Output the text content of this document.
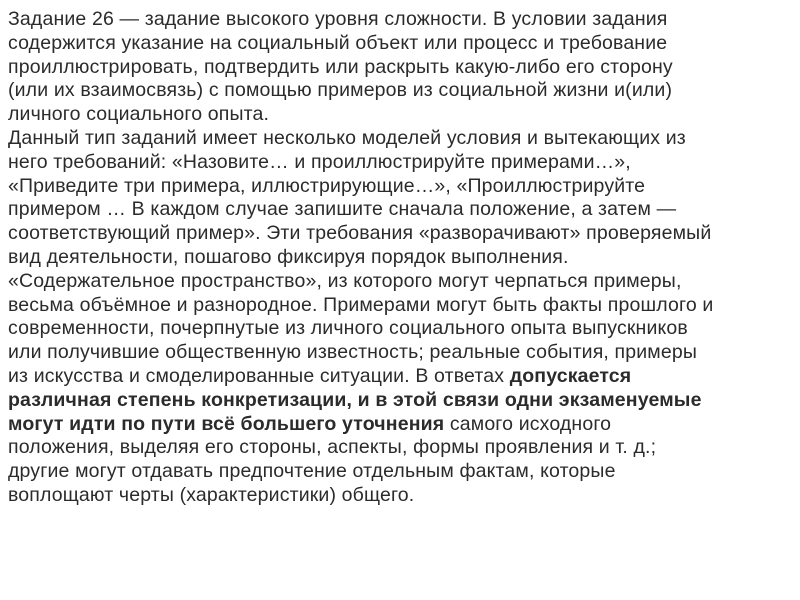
Задание 26 — задание высокого уровня сложности. В условии задания
содержится указание на социальный объект или процесс и требование
проиллюстрировать, подтвердить или раскрыть какую-либо его сторону
(или их взаимосвязь) с помощью примеров из социальной жизни и(или)
личного социального опыта.
Данный тип заданий имеет несколько моделей условия и вытекающих из
него требований: «Назовите… и проиллюстрируйте примерами…»,
«Приведите три примера, иллюстрирующие…», «Проиллюстрируйте
примером … В каждом случае запишите сначала положение, а затем —
соответствующий пример». Эти требования «разворачивают» проверяемый
вид деятельности, пошагово фиксируя порядок выполнения.
«Содержательное пространство», из которого могут черпаться примеры,
весьма объёмное и разнородное. Примерами могут быть факты прошлого и
современности, почерпнутые из личного социального опыта выпускников
или получившие общественную известность; реальные события, примеры
из искусства и смоделированные ситуации. В ответах допускается
различная степень конкретизации, и в этой связи одни экзаменуемые
могут идти по пути всё большего уточнения самого исходного
положения, выделяя его стороны, аспекты, формы проявления и т. д.;
другие могут отдавать предпочтение отдельным фактам, которые
воплощают черты (характеристики) общего.
